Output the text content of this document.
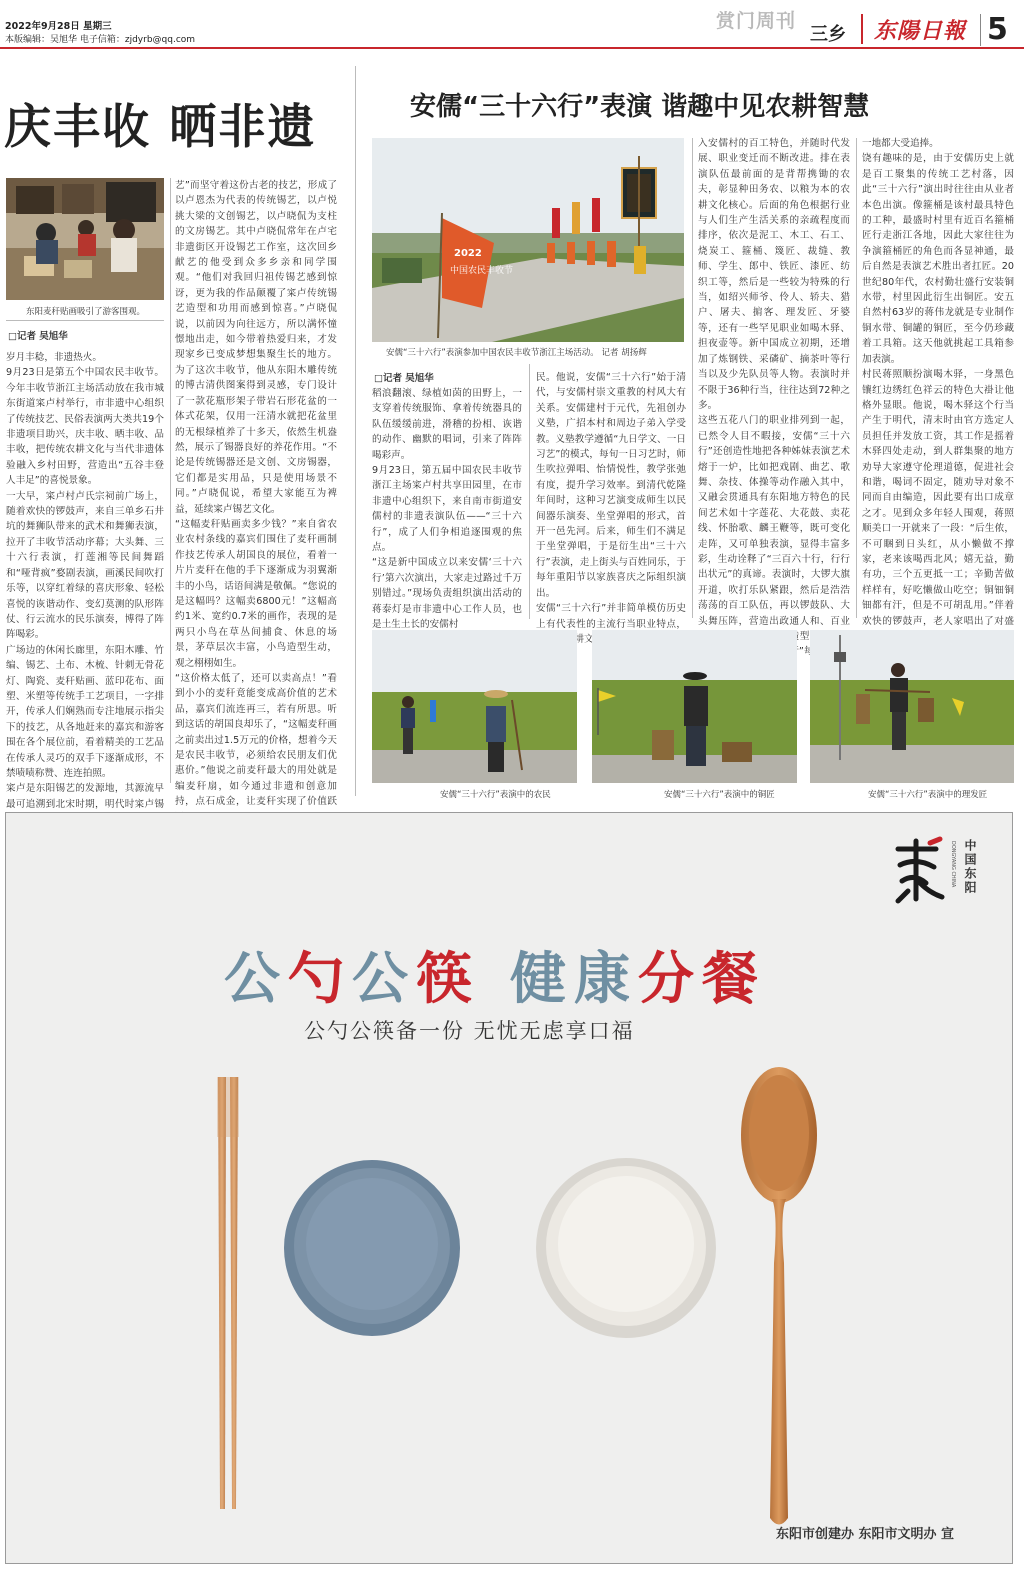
2022年9月28日 星期三
本版编辑：吴旭华 电子信箱：zjdyrb@qq.com
赏门周刊
三乡 东陽日報 5
庆丰收 晒非遗
东阳麦秆贴画吸引了游客围观。
□记者 吴旭华
岁月丰稔，非遗热火。
9月23日是第五个中国农民丰收节。今年丰收节浙江主场活动放在我市城东街道寀卢村举行，市非遗中心组织了传统技艺、民俗表演两大类共19个非遗项目助兴，庆丰收、晒丰收、品丰收，把传统农耕文化与当代非遗体验融入乡村田野，营造出“五谷丰登人丰足”的喜悦景象。
一大早，寀卢村卢氏宗祠前广场上，随着欢快的锣鼓声，来自三单乡石井坑的舞狮队带来的武术和舞狮表演，拉开了丰收节活动序幕；大头舞、三十六行表演，打莲湘等民间舞蹈和“哑背疯”婺剧表演，画溪民间吹打乐等，以穿红着绿的喜庆形象、轻松喜悦的诙谐动作、变幻莫测的队形阵仗、行云流水的民乐演奏，博得了阵阵喝彩。
广场边的休闲长廊里，东阳木雕、竹编、锡艺、土布、木梳、针刺无骨花灯、陶瓷、麦秆贴画、蓝印花布、面塑、米塑等传统手工艺项目，一字排开，传承人们娴熟而专注地展示指尖下的技艺，从各地赶来的嘉宾和游客围在各个展位前，看着精美的工艺品在传承人灵巧的双手下逐渐成形，不禁啧啧称赞、连连拍照。
寀卢是东阳锡艺的发源地，其源流早最可追溯到北宋时期，明代时寀卢锡
艺”而坚守着这份古老的技艺，形成了以卢恩杰为代表的传统锡艺，以卢悦挑大梁的文创锡艺，以卢晓侃为支柱的文房锡艺。其中卢晓侃常年在卢宅非遗街区开设锡艺工作室，这次回乡献艺的他受到众多乡亲和同学围观。“他们对我回归祖传锡艺感到惊讶，更为我的作品颠覆了寀卢传统锡艺造型和功用而感到惊喜。”卢晓侃说，以前因为向往远方，所以满怀憧憬地出走，如今带着热爱归来，才发现家乡已变成梦想集聚生长的地方。为了这次丰收节，他从东阳木雕传统的博古清供图案得到灵感，专门设计了一款花瓶形架子带岩石形花盆的一体式花架，仅用一汪清水就把花盆里的无根绿植养了十多天，依然生机盎然，展示了锡器良好的养花作用。“不论是传统锡器还是文创、文房锡器，它们都是实用品，只是使用场景不同。”卢晓侃说，希望大家能互为裨益，延续寀卢锡艺文化。
“这幅麦秆贴画卖多少钱？”来自省农业农村条线的嘉宾们围住了麦秆画制作技艺传承人胡国良的展位，看着一片片麦秆在他的手下逐渐成为羽翼渐丰的小鸟，话语间满是敬佩。“您说的是这幅吗？这幅卖6800元！”这幅高约1米、宽约0.7米的画作，表现的是两只小鸟在草丛间捕食、休息的场景，茅草层次丰富，小鸟造型生动，观之栩栩如生。
“这价格太低了，还可以卖高点！”看到小小的麦秆竟能变成高价值的艺术品，嘉宾们流连再三，若有所思。听到这话的胡国良却乐了，“这幅麦秆画之前卖出过1.5万元的价格，想着今天是农民丰收节，必须给农民朋友们优惠价。”他说之前麦秆最大的用处就是编麦秆扇，如今通过非遗和创意加持，点石成金，让麦秆实现了价值跃

安儒“三十六行”表演 谐趣中见农耕智慧
2022
中国农民丰收节
安儒“三十六行”表演参加中国农民丰收节浙江主场活动。 记者 胡扬辉
□记者 吴旭华
稻浪翻滚、绿植如茵的田野上，一支穿着传统服饰、拿着传统器具的队伍缓缓前进，滑稽的扮相、诙谐的动作、幽默的唱词，引来了阵阵喝彩声。
9月23日，第五届中国农民丰收节浙江主场寀卢村共享田园里，在市非遗中心组织下，来自南市街道安儒村的非遗表演队伍——“三十六行”，成了人们争相追逐围观的焦点。
“这是新中国成立以来安儒‘三十六行’第六次演出，大家走过路过千万别错过。”现场负责组织演出活动的蒋泰灯是市非遗中心工作人员，也是土生土长的安儒村
民。他说，安儒“三十六行”始于清代，与安儒村崇文重教的村风大有关系。安儒建村于元代，先祖创办义塾，广招本村和周边子弟入学受教。义塾教学遵循“九日学文、一日习艺”的模式，每旬一日习艺时，师生吹拉弹唱、怡情悦性，教学张弛有度，提升学习效率。到清代乾隆年间时，这种习艺演变成师生以民间器乐演奏、坐堂弹唱的形式，首开一邑先河。后来，师生们不满足于坐堂弹唱，于是衍生出“三十六行”表演，走上街头与百姓同乐，于每年重阳节以家族喜庆之际组织演出。
安儒“三十六行”并非简单模仿历史上有代表性的主流行当职业特点， 农耕文
入安儒村的百工特色，并随时代发展、职业变迁而不断改进。排在表演队伍最前面的是背帮携锄的农夫，彰显种田务农、以粮为本的农耕文化核心。后面的角色根据行业与人们生产生活关系的亲疏程度而排序，依次是泥工、木工、石工、烧炭工、箍桶、篾匠、裁缝、教师、学生、郎中、铁匠、漆匠、纺织工等，然后是一些较为特殊的行当，如绍兴师爷、伶人、轿夫、猎户、屠夫、掮客、理发匠、牙婆等，还有一些罕见职业如喝木驿、担夜壶等。新中国成立初期，还增加了炼钢铁、采磷矿、摘茶叶等行当以及少先队员等人物。表演时并不限于36种行当，往往达到72种之多。
这些五花八门的职业排列到一起，已然令人目不暇接，安儒“三十六行”还创造性地把各种姊妹表演艺术熔于一炉，比如把戏剧、曲艺、歌舞、杂技、体操等动作融入其中，又融会贯通具有东阳地方特色的民间艺术如十字莲花、大花鼓、卖花线、怀胎歌、麟王鞭等，既可变化走阵，又可单独表演，显得丰富多彩，生动诠释了“三百六十行，行行出状元”的真谛。表演时，大锣大旗开道，吹打乐队紧跟，然后是浩浩荡荡的百工队伍，再以锣鼓队、大头舞压阵，营造出政通人和、百业 造型 行”每到
一地都大受追捧。
饶有趣味的是，由于安儒历史上就是百工聚集的传统工艺村落，因此“三十六行”演出时往往由从业者本色出演。像箍桶是该村最具特色的工种，最盛时村里有近百名箍桶匠行走浙江各地，因此大家往往为争演箍桶匠的角色而各显神通，最后自然是表演艺术胜出者扛匠。20世纪80年代，农村勤壮盛行安装铜水带，村里因此衍生出铜匠。安五自然村63岁的蒋伟龙就是专业制作铜水带、铜罐的铜匠，至今仍珍藏着工具箱。这天他就挑起工具箱参加表演。
村民蒋照顺扮演喝木驿，一身黑色镶红边绣红色祥云的特色大褂让他格外显眼。他说，喝木驿这个行当产生于明代，清末时由官方选定人员担任并发放工资，其工作是摇着木驿四处走动，到人群集聚的地方劝导大家遵守伦理道德，促进社会和谐，喝词不固定，随劝导对象不同而自由编造，因此要有出口成章之才。见到众多年轻人围观，蒋照顺美口一开就来了一段：“后生侬，不可睏到日头红，从小懒做不撑家，老来该喝西北风；嬉无益，勤有功，三个五更抵一工；辛勤苦做样样有，好吃懒做山吃空；铜钿铜钿都有汗，但是不可胡乱用。”伴着欢快的锣鼓声，老人家唱出了对盛
安儒“三十六行”表演中的农民	安儒“三十六行”表演中的铜匠	安儒“三十六行”表演中的理发匠
DONGYANG CHINA 中国东阳
公勺公筷 健康分餐
公勺公筷备一份 无忧无虑享口福
东阳市创建办 东阳市文明办 宣
